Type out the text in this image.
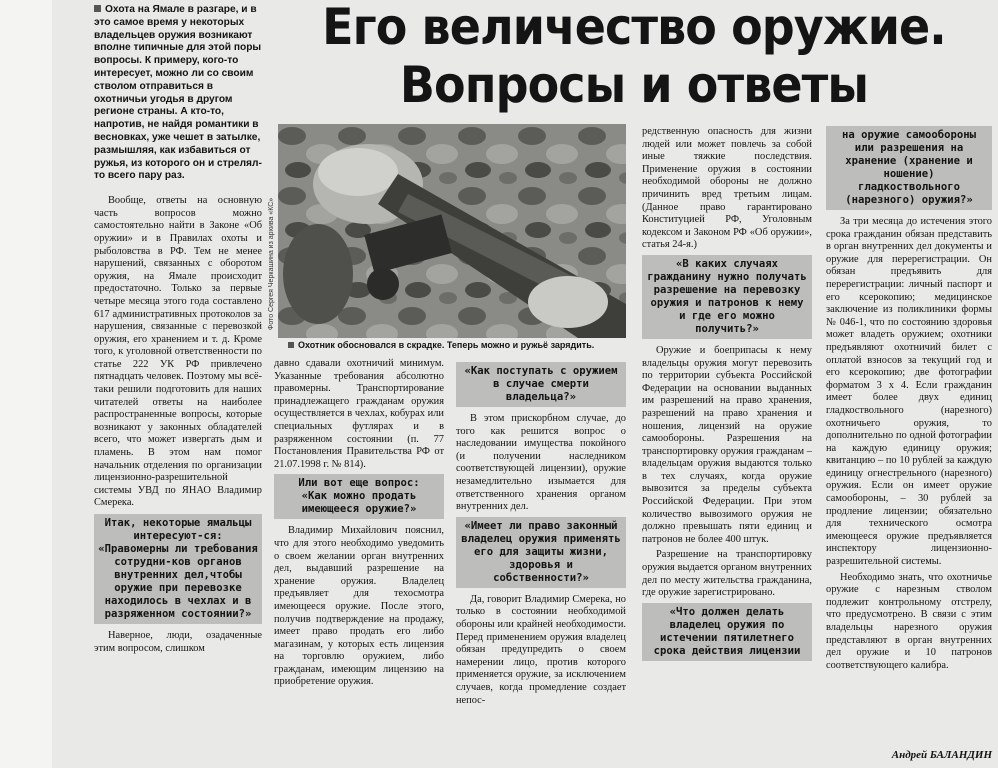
Его величество оружие.
Вопросы и ответы
Охота на Ямале в разгаре, и в это самое время у некоторых владельцев оружия возникают вполне типичные для этой поры вопросы. К примеру, кого-то интересует, можно ли со своим стволом отправиться в охотничьи угодья в другом регионе страны. А кто-то, напротив, не найдя романтики в весновках, уже чешет в затылке, размышляя, как избавиться от ружья, из которого он и стрелял-то всего пару раз.

Вообще, ответы на основную часть вопросов можно самостоятельно найти в Законе «Об оружии» и в Правилах охоты и рыболовства в РФ. Тем не менее нарушений, связанных с оборотом оружия, на Ямале происходит предостаточно. Только за первые четыре месяца этого года составлено 617 административных протоколов за нарушения, связанные с перевозкой оружия, его хранением и т. д. Кроме того, к уголовной ответственности по статье 222 УК РФ привлечено пятнадцать человек. Поэтому мы всё-таки решили подготовить для наших читателей ответы на наиболее распространенные вопросы, которые возникают у законных обладателей всего, что может извергать дым и пламень. В этом нам помог начальник отделения по организации лицензионно-разрешительной системы УВД по ЯНАО Владимир Смерека.

Итак, некоторые ямальцы интересуют-ся: «Правомерны ли требования сотрудни-ков органов внутренних дел,чтобы оружие при перевозке находилось в чехлах и в разряженном состоянии?»

Наверное, люди, озадаченные этим вопросом, слишком

Фото Сергея Черкашина из архива «КС»
Охотник обосновался в скрадке. Теперь можно и ружьё зарядить.

давно сдавали охотничий минимум. Указанные требования абсолютно правомерны. Транспортирование принадлежащего гражданам оружия осуществляется в чехлах, кобурах или специальных футлярах и в разряженном состоянии (п. 77 Постановления Правительства РФ от 21.07.1998 г. № 814).

Или вот еще вопрос:
«Как можно продать имеющееся оружие?»

Владимир Михайлович пояснил, что для этого необходимо уведомить о своем желании орган внутренних дел, выдавший разрешение на хранение оружия. Владелец предъявляет для техосмотра имеющееся оружие. После этого, получив подтверждение на продажу, имеет право продать его либо магазинам, у которых есть лицензия на торговлю оружием, либо гражданам, имеющим лицензию на приобретение оружия.

«Как поступать с оружием в случае смерти владельца?»

В этом прискорбном случае, до того как решится вопрос о наследовании имущества покойного (и получении наследником соответствующей лицензии), оружие незамедлительно изымается для ответственного хранения органом внутренних дел.

«Имеет ли право законный владелец оружия применять его для защиты жизни, здоровья и собственности?»

Да, говорит Владимир Смерека, но только в состоянии необходимой обороны или крайней необходимости. Перед применением оружия владелец обязан предупредить о своем намерении лицо, против которого применяется оружие, за исключением случаев, когда промедление создает непос-

редственную опасность для жизни людей или может повлечь за собой иные тяжкие последствия. Применение оружия в состоянии необходимой обороны не должно причинить вред третьим лицам. (Данное право гарантировано Конституцией РФ, Уголовным кодексом и Законом РФ «Об оружии», статья 24-я.)

«В каких случаях гражданину нужно получать разрешение на перевозку оружия и патронов к нему и где его можно получить?»

Оружие и боеприпасы к нему владельцы оружия могут перевозить по территории субъекта Российской Федерации на основании выданных им разрешений на право хранения, разрешений на право хранения и ношения, лицензий на оружие самообороны. Разрешения на транспортировку оружия гражданам – владельцам оружия выдаются только в тех случаях, когда оружие вывозится за пределы субъекта Российской Федерации. При этом количество вывозимого оружия не должно превышать пяти единиц и патронов не более 400 штук.

Разрешение на транспортировку оружия выдается органом внутренних дел по месту жительства гражданина, где оружие зарегистрировано.

«Что должен делать владелец оружия по истечении пятилетнего срока действия лицензии
на оружие самообороны или разрешения на хранение (хранение и ношение) гладкоствольного (нарезного) оружия?»

За три месяца до истечения этого срока гражданин обязан представить в орган внутренних дел документы и оружие для перерегистрации. Он обязан предъявить для перерегистрации: личный паспорт и его ксерокопию; медицинское заключение из поликлиники формы № 046-1, что по состоянию здоровья может владеть оружием; охотники предъявляют охотничий билет с оплатой взносов за текущий год и его ксерокопию; две фотографии форматом 3 х 4. Если гражданин имеет более двух единиц гладкоствольного (нарезного) охотничьего оружия, то дополнительно по одной фотографии на каждую единицу оружия; квитанцию – по 10 рублей за каждую единицу огнестрельного (нарезного) оружия. Если он имеет оружие самообороны, – 30 рублей за продление лицензии; обязательно для технического осмотра имеющееся оружие предъявляется инспектору лицензионно-разрешительной системы.

Необходимо знать, что охотничье оружие с нарезным стволом подлежит контрольному отстрелу, что предусмотрено. В связи с этим владельцы нарезного оружия представляют в орган внутренних дел оружие и 10 патронов соответствующего калибра.

Андрей БАЛАНДИН
